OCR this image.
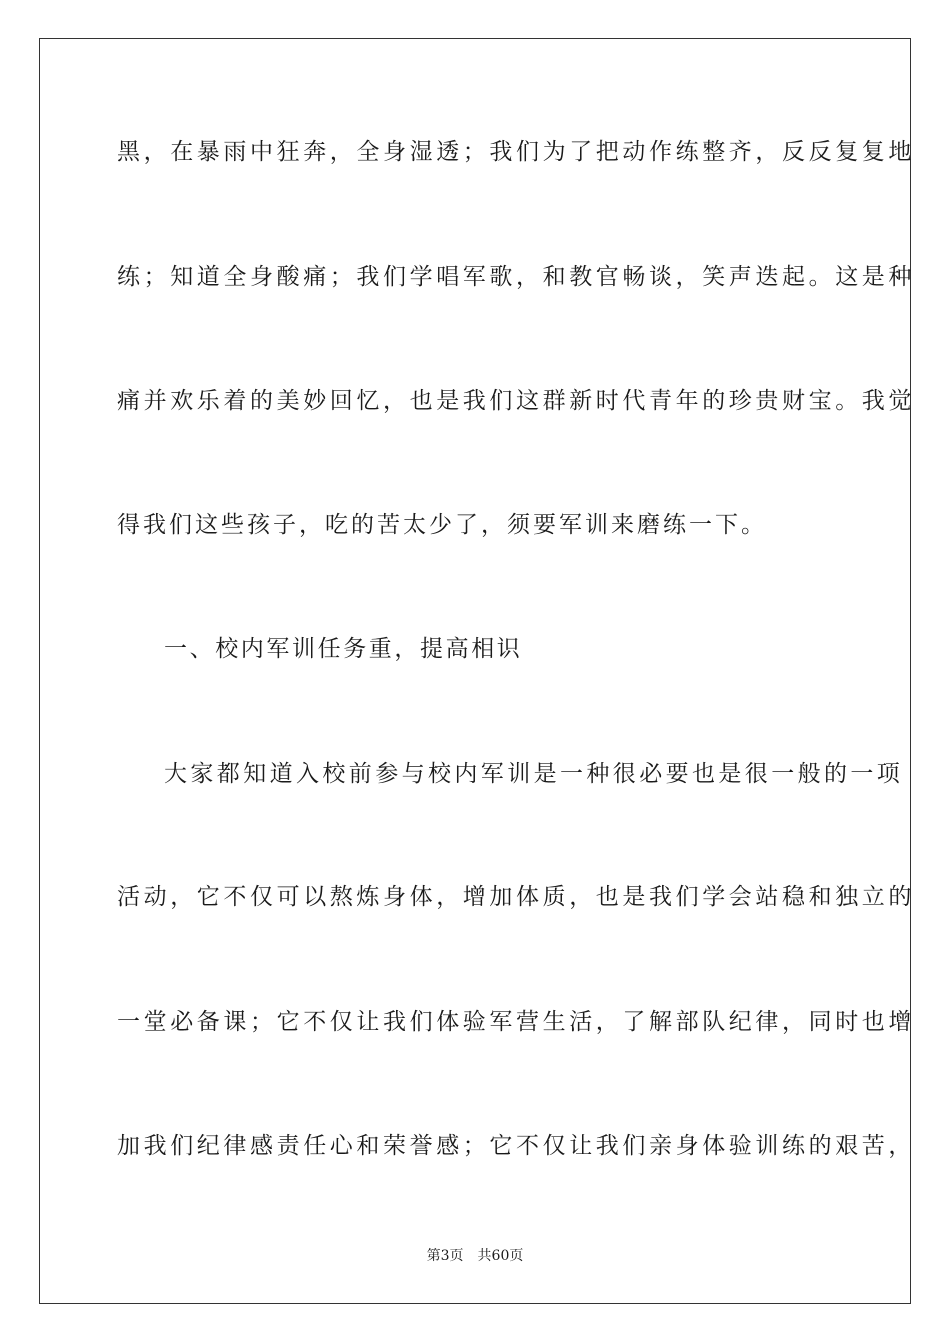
黑，在暴雨中狂奔，全身湿透；我们为了把动作练整齐，反反复复地
练；知道全身酸痛；我们学唱军歌，和教官畅谈，笑声迭起。这是种
痛并欢乐着的美妙回忆，也是我们这群新时代青年的珍贵财宝。我觉
得我们这些孩子，吃的苦太少了，须要军训来磨练一下。
一、校内军训任务重，提高相识
大家都知道入校前参与校内军训是一种很必要也是很一般的一项
活动，它不仅可以熬炼身体，增加体质，也是我们学会站稳和独立的
一堂必备课；它不仅让我们体验军营生活，了解部队纪律，同时也增
加我们纪律感责任心和荣誉感；它不仅让我们亲身体验训练的艰苦，
第3页 共60页
